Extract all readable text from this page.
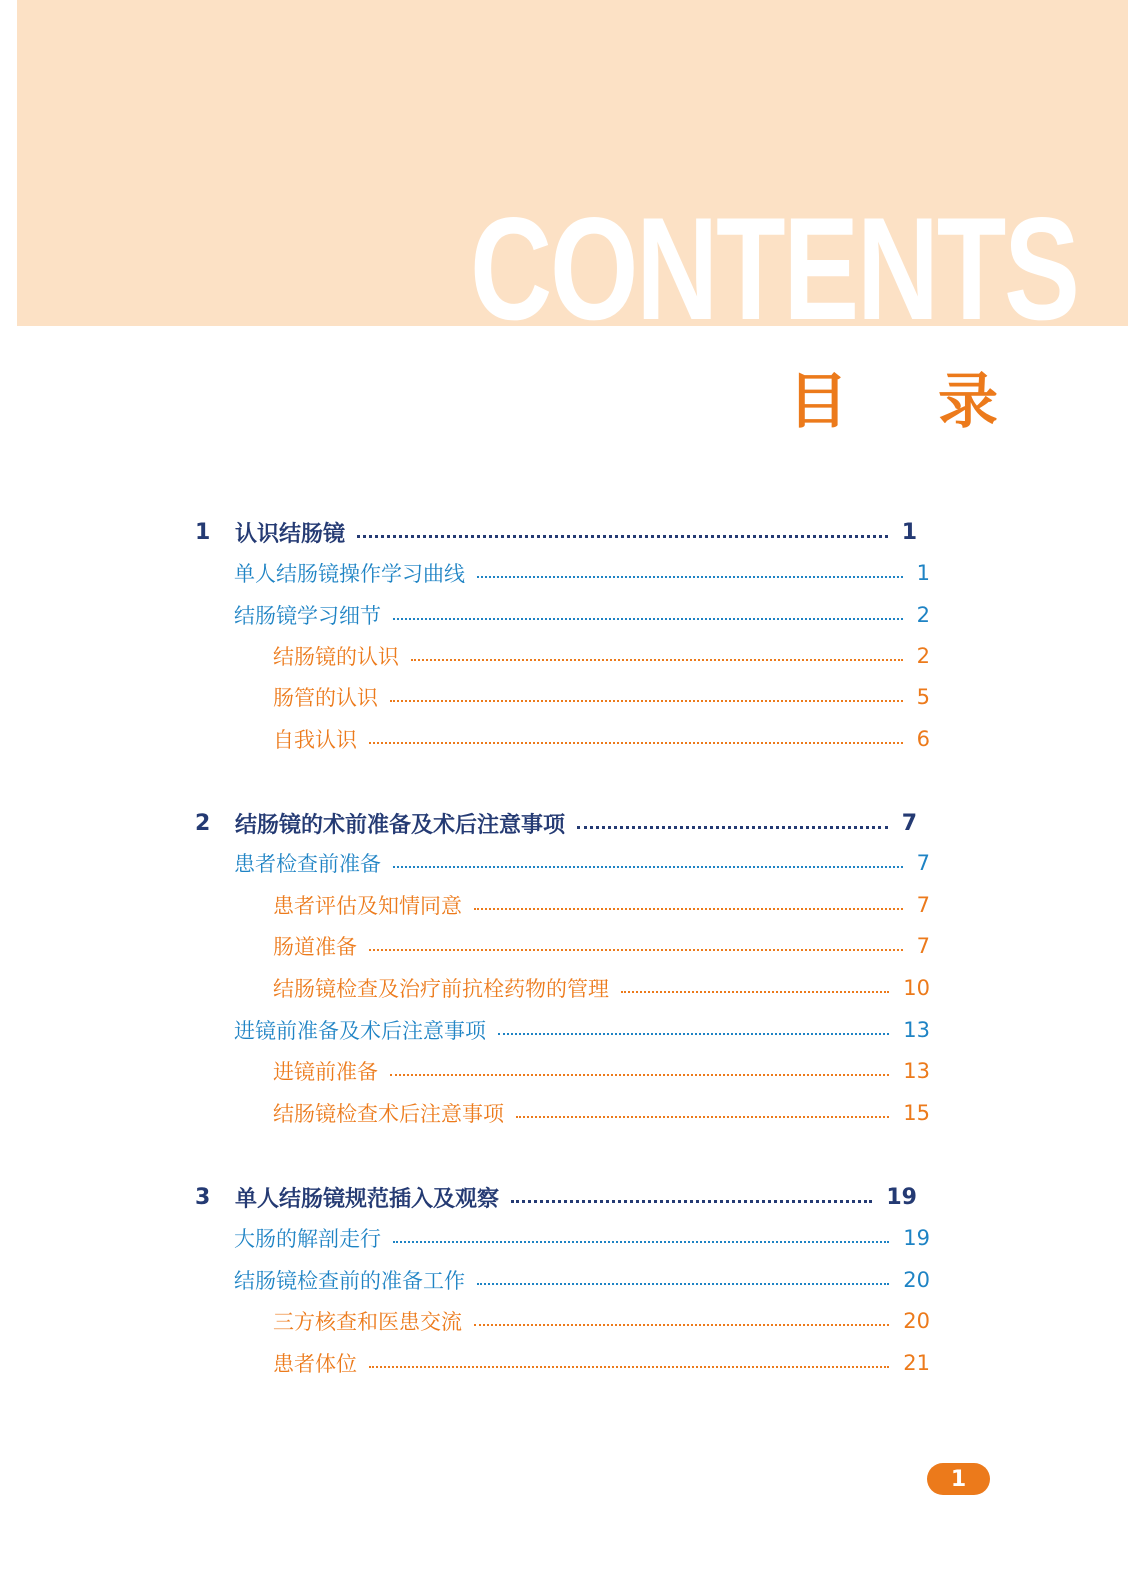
CONTENTS
目 录
1	认识结肠镜	1
单人结肠镜操作学习曲线	1
结肠镜学习细节	2
结肠镜的认识	2
肠管的认识	5
自我认识	6
2	结肠镜的术前准备及术后注意事项	7
患者检查前准备	7
患者评估及知情同意	7
肠道准备	7
结肠镜检查及治疗前抗栓药物的管理	10
进镜前准备及术后注意事项	13
进镜前准备	13
结肠镜检查术后注意事项	15
3	单人结肠镜规范插入及观察	19
大肠的解剖走行	19
结肠镜检查前的准备工作	20
三方核查和医患交流	20
患者体位	21
1
